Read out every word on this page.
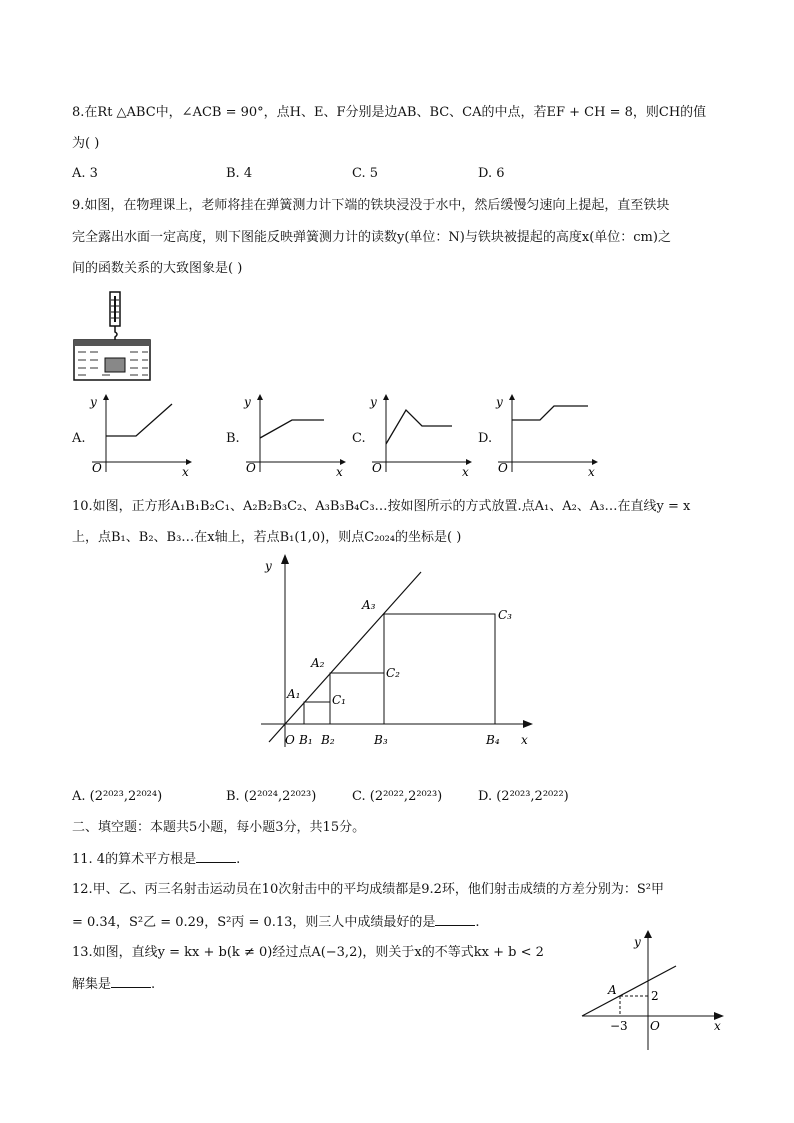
8.在Rt △ABC中，∠ACB = 90°，点H、E、F分别是边AB、BC、CA的中点，若EF + CH = 8，则CH的值
为( )
A. 3	B. 4	C. 5	D. 6
9.如图，在物理课上，老师将挂在弹簧测力计下端的铁块浸没于水中，然后缓慢匀速向上提起，直至铁块
完全露出水面一定高度，则下图能反映弹簧测力计的读数y(单位：N)与铁块被提起的高度x(单位：cm)之
间的函数关系的大致图象是( )
A.
y
x
O
B.
y
x
O
C.
y
x
O
D.
y
x
O
10.如图，正方形A₁B₁B₂C₁、A₂B₂B₃C₂、A₃B₃B₄C₃…按如图所示的方式放置.点A₁、A₂、A₃…在直线y = x
上，点B₁、B₂、B₃…在x轴上，若点B₁(1,0)，则点C₂₀₂₄的坐标是( )
y
x
O
A₁
A₂
A₃
B₁ B₂	B₃	B₄
C₁
C₂
C₃
A. (2²⁰²³,2²⁰²⁴)	B. (2²⁰²⁴,2²⁰²³)	C. (2²⁰²²,2²⁰²³)	D. (2²⁰²³,2²⁰²²)
二、填空题：本题共5小题，每小题3分，共15分。
11. 4的算术平方根是	.
12.甲、乙、丙三名射击运动员在10次射击中的平均成绩都是9.2环，他们射击成绩的方差分别为：S²甲
= 0.34，S²乙 = 0.29，S²丙 = 0.13，则三人中成绩最好的是	.
13.如图，直线y = kx + b(k ≠ 0)经过点A(−3,2)，则关于x的不等式kx + b < 2
解集是	.
y
x
O
A	2
−3
